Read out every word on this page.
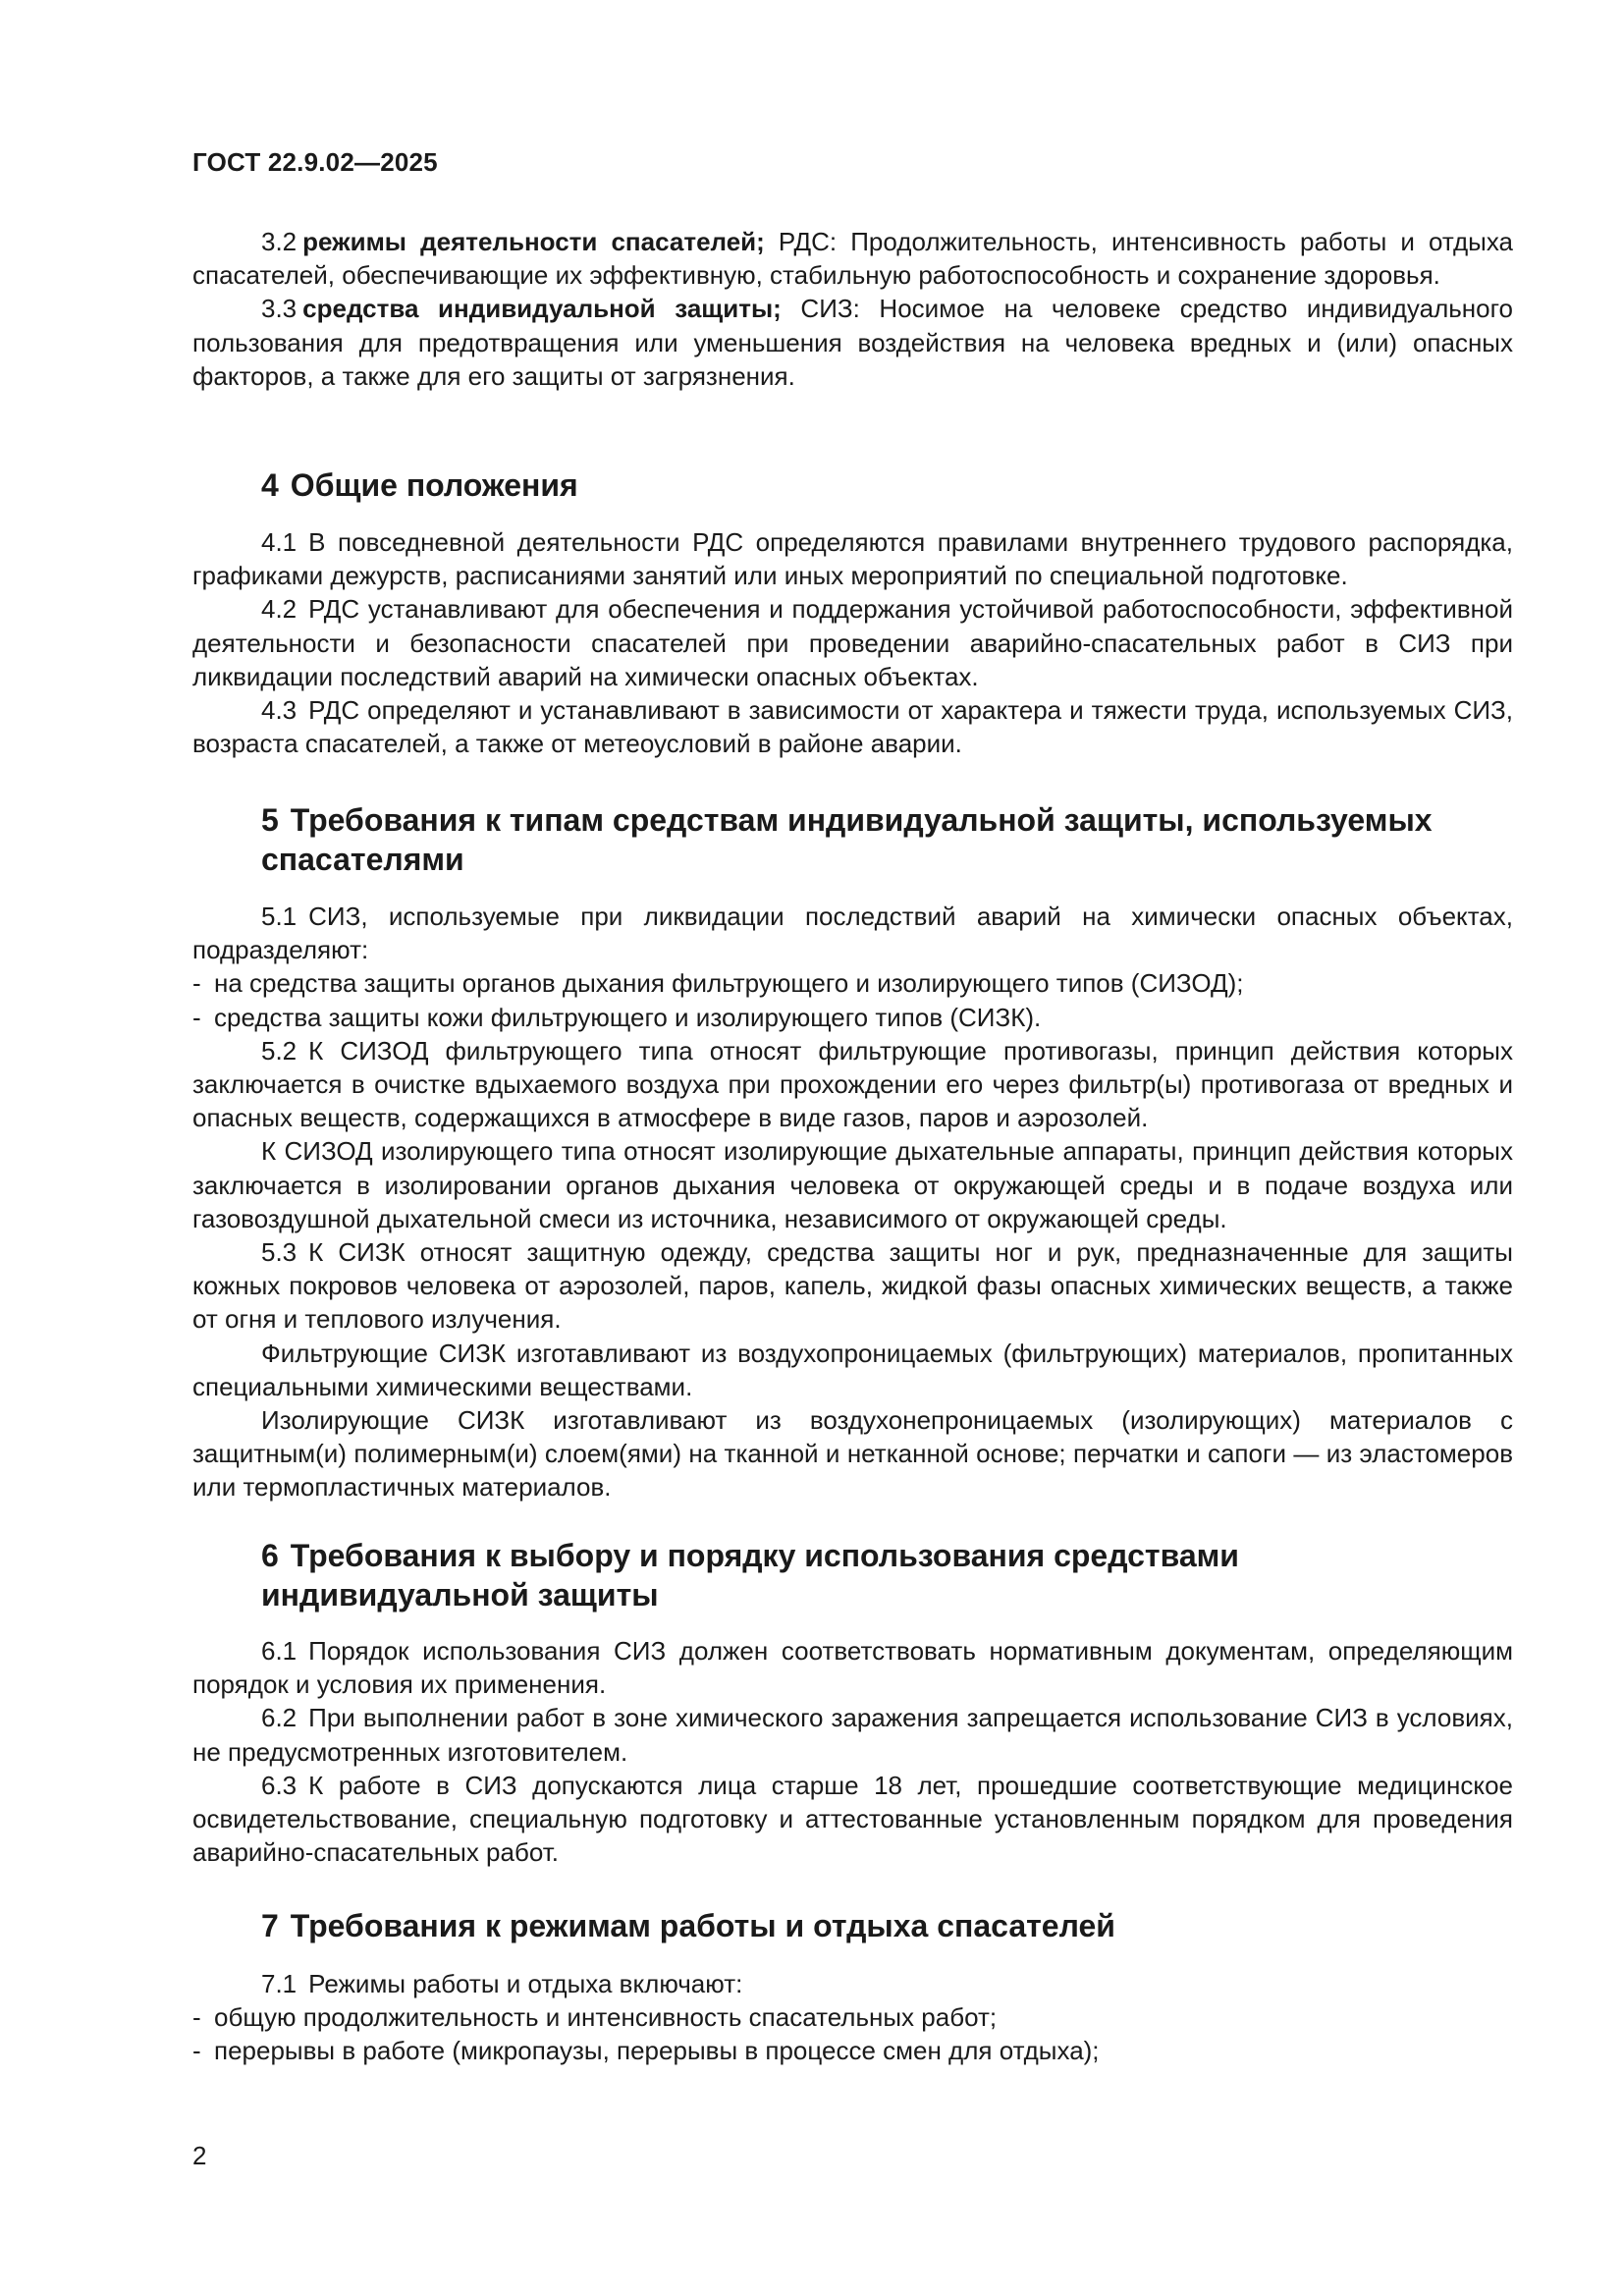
ГОСТ 22.9.02—2025

3.2 режимы деятельности спасателей; РДС: Продолжительность, интенсивность работы и отдыха спасателей, обеспечивающие их эффективную, стабильную работоспособность и сохранение здоровья.

3.3 средства индивидуальной защиты; СИЗ: Носимое на человеке средство индивидуального пользования для предотвращения или уменьшения воздействия на человека вредных и (или) опасных факторов, а также для его защиты от загрязнения.

4 Общие положения

4.1 В повседневной деятельности РДС определяются правилами внутреннего трудового распорядка, графиками дежурств, расписаниями занятий или иных мероприятий по специальной подготовке.

4.2 РДС устанавливают для обеспечения и поддержания устойчивой работоспособности, эффективной деятельности и безопасности спасателей при проведении аварийно-спасательных работ в СИЗ при ликвидации последствий аварий на химически опасных объектах.

4.3 РДС определяют и устанавливают в зависимости от характера и тяжести труда, используемых СИЗ, возраста спасателей, а также от метеоусловий в районе аварии.

5 Требования к типам средствам индивидуальной защиты, используемых
спасателями

5.1 СИЗ, используемые при ликвидации последствий аварий на химически опасных объектах, подразделяют:

- на средства защиты органов дыхания фильтрующего и изолирующего типов (СИЗОД);

- средства защиты кожи фильтрующего и изолирующего типов (СИЗК).

5.2 К СИЗОД фильтрующего типа относят фильтрующие противогазы, принцип действия которых заключается в очистке вдыхаемого воздуха при прохождении его через фильтр(ы) противогаза от вредных и опасных веществ, содержащихся в атмосфере в виде газов, паров и аэрозолей.

К СИЗОД изолирующего типа относят изолирующие дыхательные аппараты, принцип действия которых заключается в изолировании органов дыхания человека от окружающей среды и в подаче воздуха или газовоздушной дыхательной смеси из источника, независимого от окружающей среды.

5.3 К СИЗК относят защитную одежду, средства защиты ног и рук, предназначенные для защиты кожных покровов человека от аэрозолей, паров, капель, жидкой фазы опасных химических веществ, а также от огня и теплового излучения.

Фильтрующие СИЗК изготавливают из воздухопроницаемых (фильтрующих) материалов, пропитанных специальными химическими веществами.

Изолирующие СИЗК изготавливают из воздухонепроницаемых (изолирующих) материалов с защитным(и) полимерным(и) слоем(ями) на тканной и нетканной основе; перчатки и сапоги — из эластомеров или термопластичных материалов.

6 Требования к выбору и порядку использования средствами
индивидуальной защиты

6.1 Порядок использования СИЗ должен соответствовать нормативным документам, определяющим порядок и условия их применения.

6.2 При выполнении работ в зоне химического заражения запрещается использование СИЗ в условиях, не предусмотренных изготовителем.

6.3 К работе в СИЗ допускаются лица старше 18 лет, прошедшие соответствующие медицинское освидетельствование, специальную подготовку и аттестованные установленным порядком для проведения аварийно-спасательных работ.

7 Требования к режимам работы и отдыха спасателей

7.1 Режимы работы и отдыха включают:

- общую продолжительность и интенсивность спасательных работ;

- перерывы в работе (микропаузы, перерывы в процессе смен для отдыха);

2
